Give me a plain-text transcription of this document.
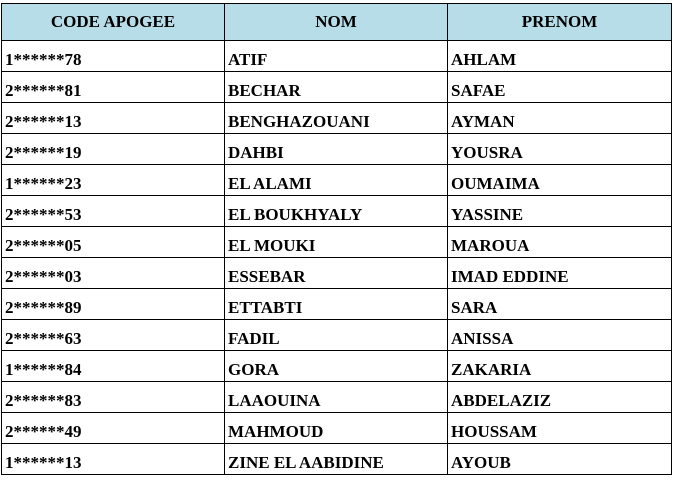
CODE APOGEE	NOM	PRENOM

1******78	ATIF	AHLAM

2******81	BECHAR	SAFAE

2******13	BENGHAZOUANI	AYMAN

2******19	DAHBI	YOUSRA

1******23	EL ALAMI	OUMAIMA

2******53	EL BOUKHYALY	YASSINE

2******05	EL MOUKI	MAROUA

2******03	ESSEBAR	IMAD EDDINE

2******89	ETTABTI	SARA

2******63	FADIL	ANISSA

1******84	GORA	ZAKARIA

2******83	LAAOUINA	ABDELAZIZ

2******49	MAHMOUD	HOUSSAM

1******13	ZINE EL AABIDINE	AYOUB
